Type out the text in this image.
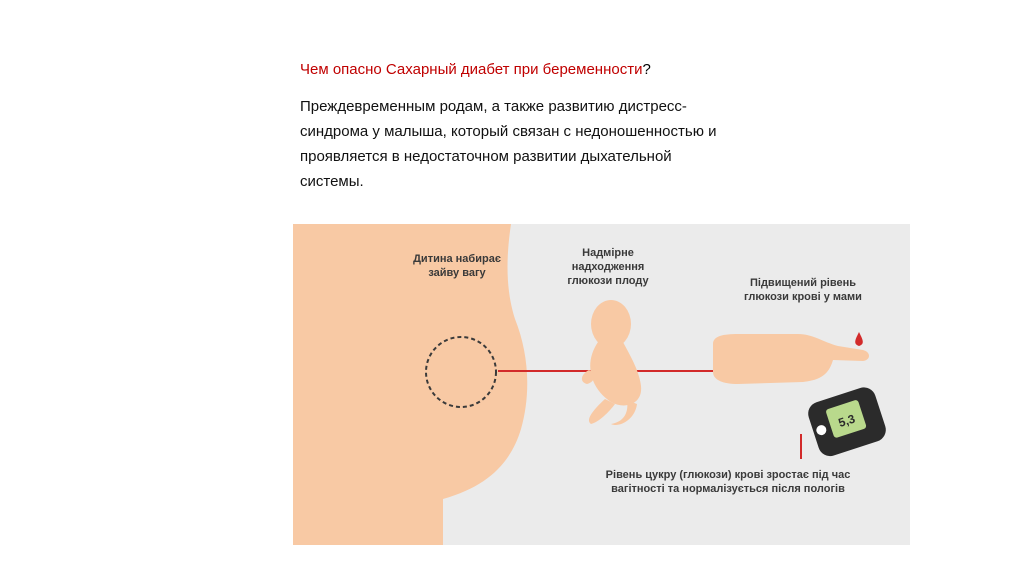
Чем опасно Сахарный диабет при беременности?
Преждевременным родам, а также развитию дистресс-
синдрома у малыша, который связан с недоношенностью и
проявляется в недостаточном развитии дыхательной
системы.
5,3
Дитина набирає
зайву вагу
Надмірне
надходження
глюкози плоду	Підвищений рівень
глюкози крові у мами
Рівень цукру (глюкози) крові зростає під час
вагітності та нормалізується після пологів
